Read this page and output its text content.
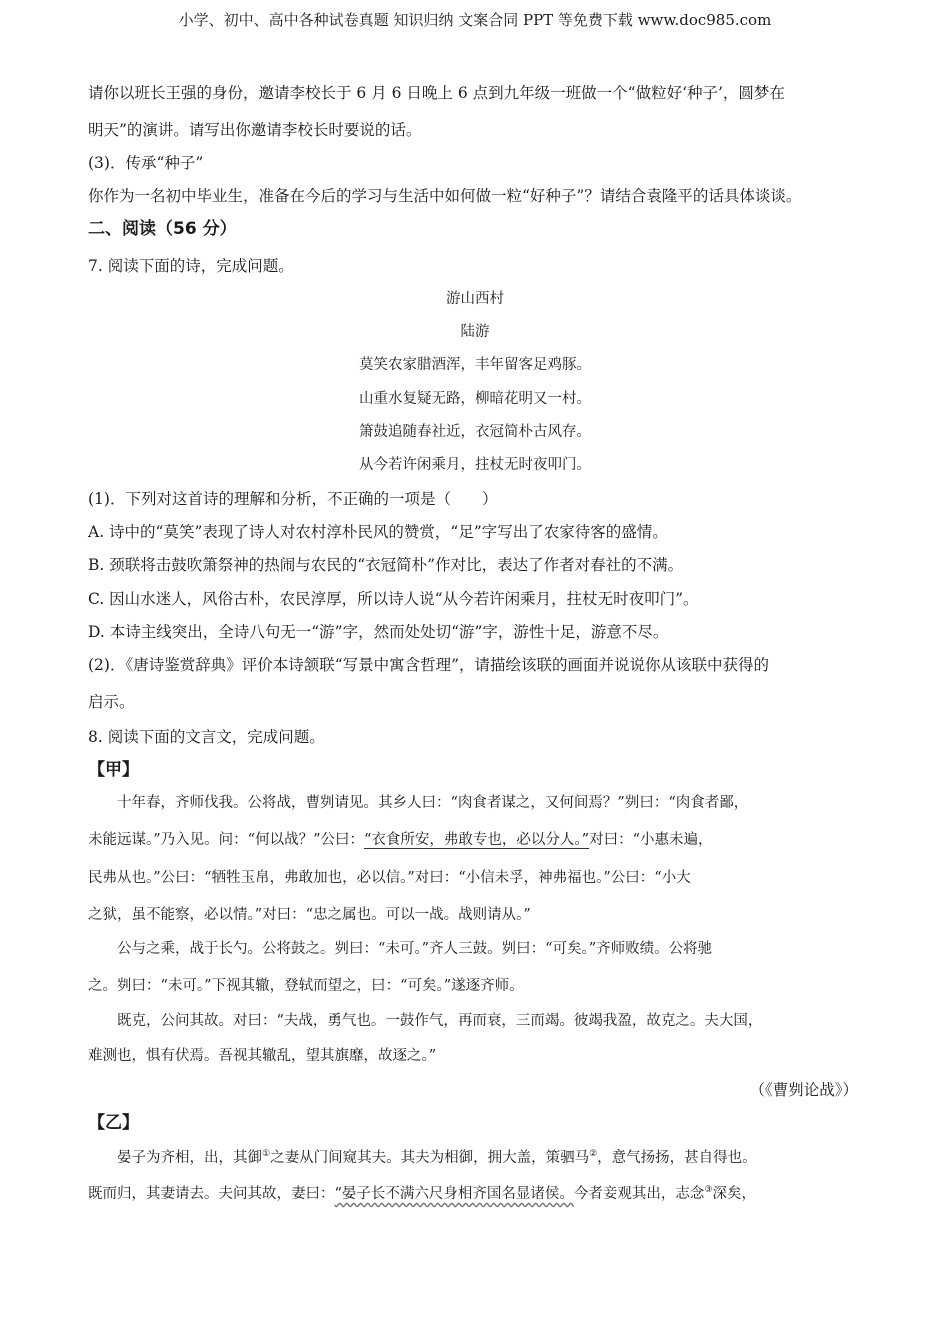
小学、初中、高中各种试卷真题 知识归纳 文案合同 PPT 等免费下载 www.doc985.com
请你以班长王强的身份，邀请李校长于 6 月 6 日晚上 6 点到九年级一班做一个“做粒好‘种子’，圆梦在
明天”的演讲。请写出你邀请李校长时要说的话。
(3)．传承“种子”
你作为一名初中毕业生，准备在今后的学习与生活中如何做一粒“好种子”？请结合袁隆平的话具体谈谈。
二、阅读（56 分）
7. 阅读下面的诗，完成问题。
游山西村
陆游
莫笑农家腊酒浑，丰年留客足鸡豚。
山重水复疑无路，柳暗花明又一村。
箫鼓追随春社近，衣冠简朴古风存。
从今若许闲乘月，拄杖无时夜叩门。
(1)．下列对这首诗的理解和分析，不正确的一项是（　　）
A. 诗中的“莫笑”表现了诗人对农村淳朴民风的赞赏，“足”字写出了农家待客的盛情。
B. 颈联将击鼓吹箫祭神的热闹与农民的“衣冠简朴”作对比，表达了作者对春社的不满。
C. 因山水迷人，风俗古朴，农民淳厚，所以诗人说“从今若许闲乘月，拄杖无时夜叩门”。
D. 本诗主线突出，全诗八句无一“游”字，然而处处切“游”字，游性十足，游意不尽。
(2)．《唐诗鉴赏辞典》评价本诗颔联“写景中寓含哲理”，请描绘该联的画面并说说你从该联中获得的
启示。
8. 阅读下面的文言文，完成问题。
【甲】
　　十年春，齐师伐我。公将战，曹刿请见。其乡人曰：“肉食者谋之，又何间焉？”刿曰：“肉食者鄙，
未能远谋。”乃入见。问：“何以战？”公曰：“衣食所安，弗敢专也，必以分人。”对曰：“小惠未遍，
民弗从也。”公曰：“牺牲玉帛，弗敢加也，必以信。”对曰：“小信未孚，神弗福也。”公曰：“小大
之狱，虽不能察，必以情。”对曰：“忠之属也。可以一战。战则请从。”
　　公与之乘，战于长勺。公将鼓之。刿曰：“未可。”齐人三鼓。刿曰：“可矣。”齐师败绩。公将驰
之。刿曰：“未可。”下视其辙，登轼而望之，曰：“可矣。”遂逐齐师。
　　既克，公问其故。对曰：“夫战，勇气也。一鼓作气，再而衰，三而竭。彼竭我盈，故克之。夫大国，
难测也，惧有伏焉。吾视其辙乱，望其旗靡，故逐之。”
（《曹刿论战》）
【乙】
　　晏子为齐相，出，其御①之妻从门间窥其夫。其夫为相御，拥大盖，策驷马②，意气扬扬，甚自得也。
既而归，其妻请去。夫问其故，妻曰：“晏子长不满六尺身相齐国名显诸侯。今者妾观其出，志念③深矣，
